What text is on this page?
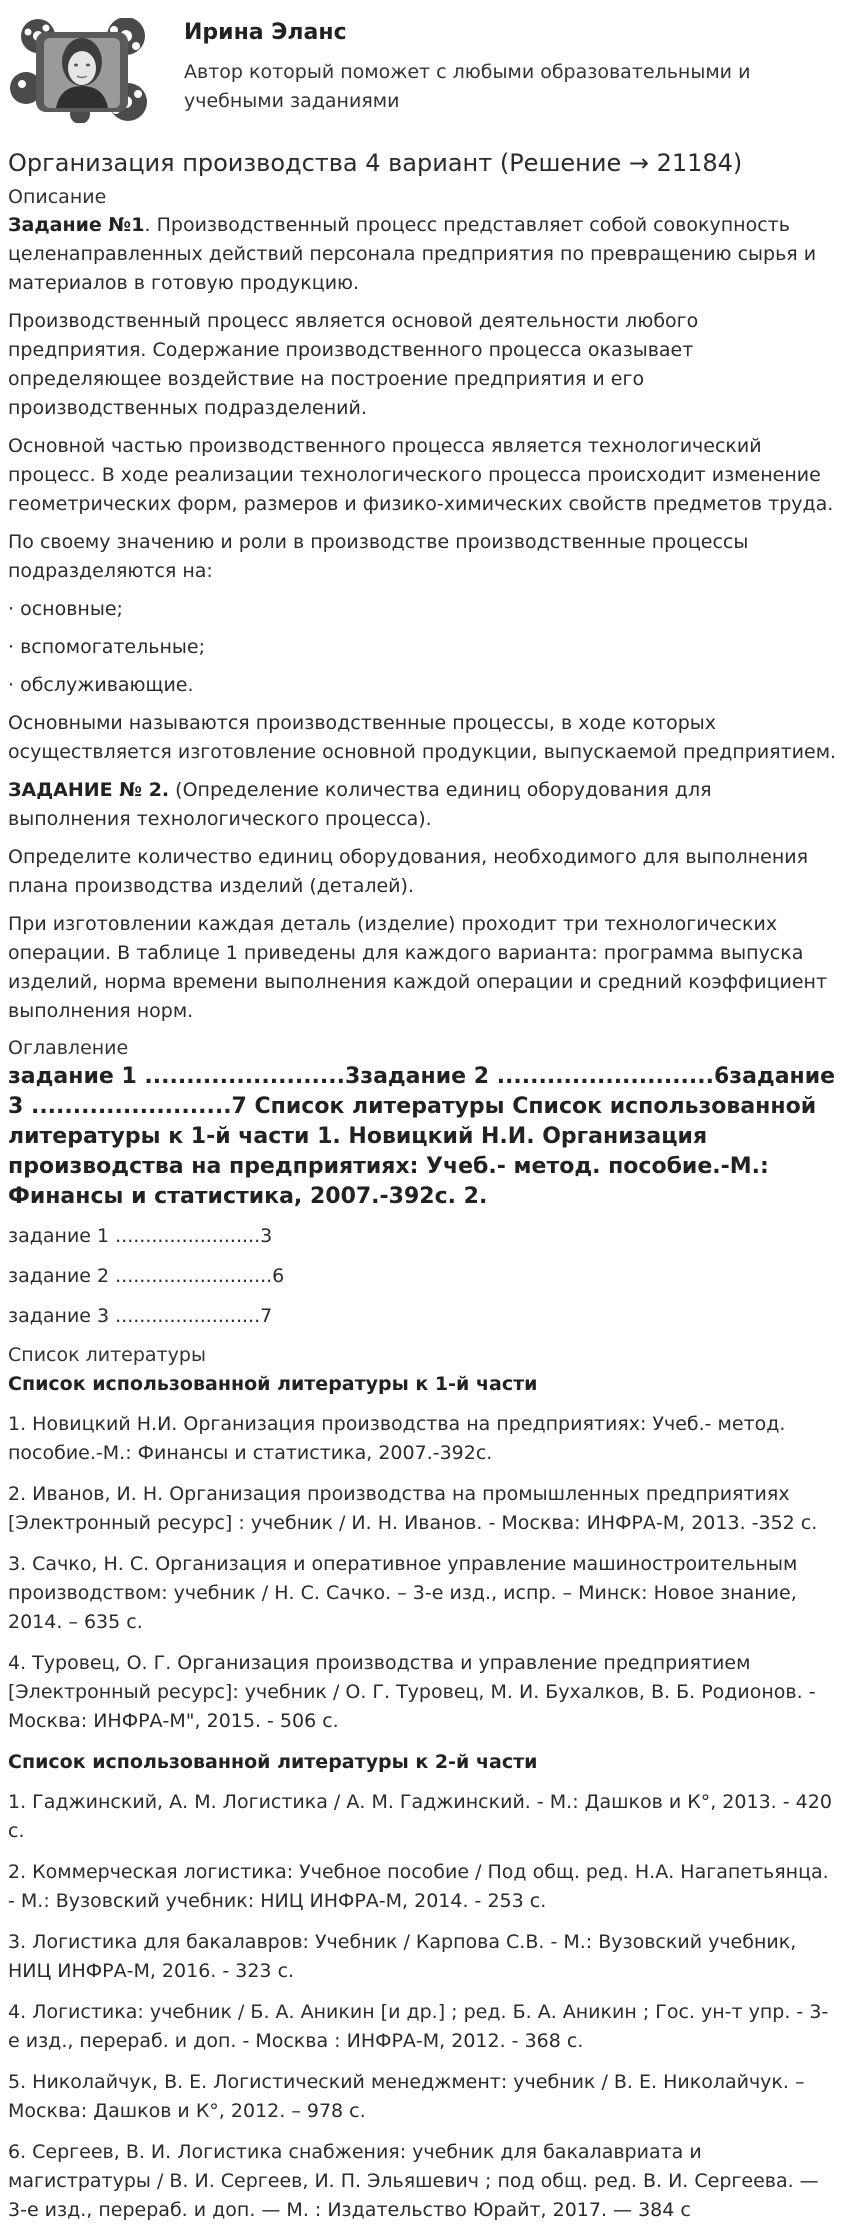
Ирина Эланс
Автор который поможет с любыми образовательными и учебными заданиями
Организация производства 4 вариант (Решение → 21184)
Описание

Задание №1. Производственный процесс представляет собой совокупность целенаправленных действий персонала предприятия по превращению сырья и материалов в готовую продукцию.

Производственный процесс является основой деятельности любого предприятия. Содержание производственного процесса оказывает определяющее воздействие на построение предприятия и его производственных подразделений.

Основной частью производственного процесса является технологический процесс. В ходе реализации технологического процесса происходит изменение геометрических форм, размеров и физико-химических свойств предметов труда.

По своему значению и роли в производстве производственные процессы подразделяются на:

· основные;

· вспомогательные;

· обслуживающие.

Основными называются производственные процессы, в ходе которых осуществляется изготовление основной продукции, выпускаемой предприятием.

ЗАДАНИЕ № 2. (Определение количества единиц оборудования для выполнения технологического процесса).

Определите количество единиц оборудования, необходимого для выполнения плана производства изделий (деталей).

При изготовлении каждая деталь (изделие) проходит три технологических операции. В таблице 1 приведены для каждого варианта: программа выпуска изделий, норма времени выполнения каждой операции и средний коэффициент выполнения норм.

Оглавление
задание 1 ........................3задание 2 ..........................6задание 3 ........................7 Список литературы Список использованной литературы к 1-й части 1. Новицкий Н.И. Организация производства на предприятиях: Учеб.- метод. пособие.-М.: Финансы и статистика, 2007.-392с. 2.
задание 1 ........................3
задание 2 ..........................6
задание 3 ........................7
Список литературы
Список использованной литературы к 1-й части
1. Новицкий Н.И. Организация производства на предприятиях: Учеб.- метод. пособие.-М.: Финансы и статистика, 2007.-392с.
2. Иванов, И. Н. Организация производства на промышленных предприятиях [Электронный ресурс] : учебник / И. Н. Иванов. - Москва: ИНФРА-М, 2013. -352 с.
3. Сачко, Н. С. Организация и оперативное управление машиностроительным производством: учебник / Н. С. Сачко. – 3-е изд., испр. – Минск: Новое знание, 2014. – 635 с.
4. Туровец, О. Г. Организация производства и управление предприятием [Электронный ресурс]: учебник / О. Г. Туровец, М. И. Бухалков, В. Б. Родионов. - Москва: ИНФРА-М", 2015. - 506 с.
Список использованной литературы к 2-й части
1. Гаджинский, А. М. Логистика / А. М. Гаджинский. - М.: Дашков и К°, 2013. - 420 с.
2. Коммерческая логистика: Учебное пособие / Под общ. ред. Н.А. Нагапетьянца. - М.: Вузовский учебник: НИЦ ИНФРА-М, 2014. - 253 с.
3. Логистика для бакалавров: Учебник / Карпова С.В. - М.: Вузовский учебник, НИЦ ИНФРА-М, 2016. - 323 с.
4. Логистика: учебник / Б. А. Аникин [и др.] ; ред. Б. А. Аникин ; Гос. ун-т упр. - 3-е изд., перераб. и доп. - Москва : ИНФРА-М, 2012. - 368 с.
5. Николайчук, В. Е. Логистический менеджмент: учебник / В. Е. Николайчук. – Москва: Дашков и К°, 2012. – 978 с.
6. Сергеев, В. И. Логистика снабжения: учебник для бакалавриата и магистратуры / В. И. Сергеев, И. П. Эльяшевич ; под общ. ред. В. И. Сергеева. — 3-е изд., перераб. и доп. — М. : Издательство Юрайт, 2017. — 384 с
